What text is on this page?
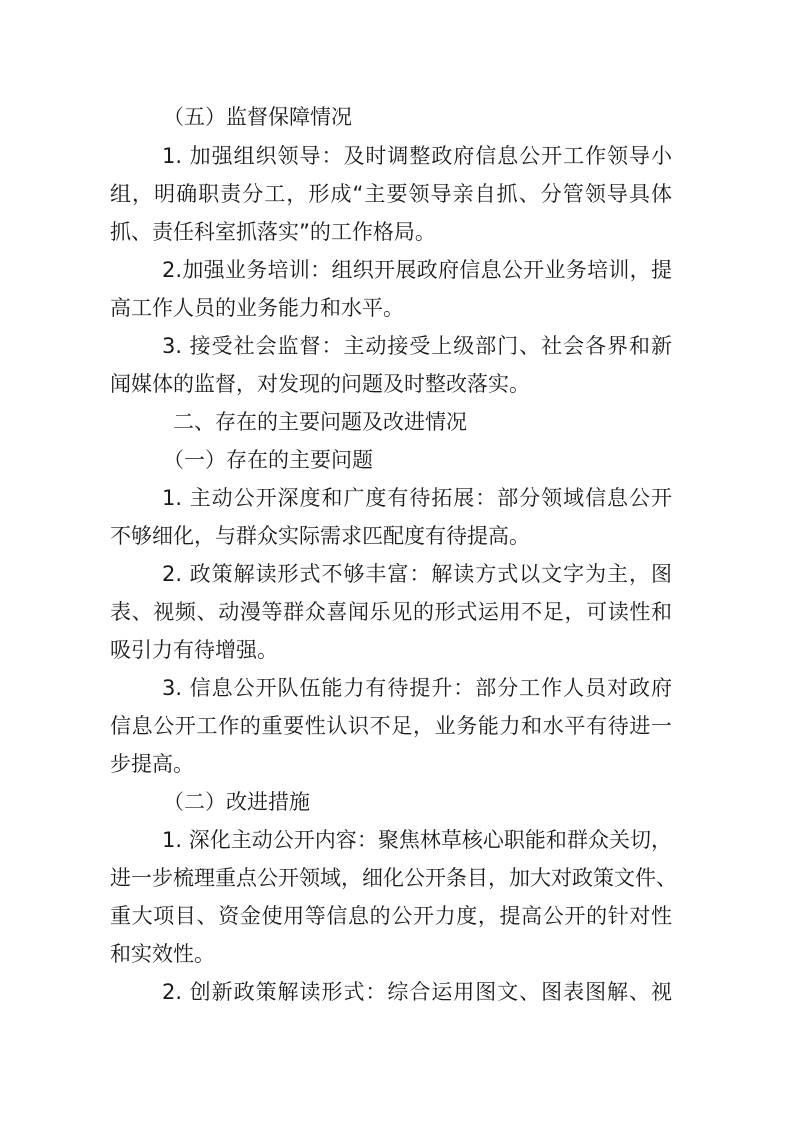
（五）监督保障情况
1. 加强组织领导：及时调整政府信息公开工作领导小
组，明确职责分工，形成“主要领导亲自抓、分管领导具体
抓、责任科室抓落实”的工作格局。
2.加强业务培训：组织开展政府信息公开业务培训，提
高工作人员的业务能力和水平。
3. 接受社会监督：主动接受上级部门、社会各界和新
闻媒体的监督，对发现的问题及时整改落实。
二、存在的主要问题及改进情况
（一）存在的主要问题
1. 主动公开深度和广度有待拓展：部分领域信息公开
不够细化，与群众实际需求匹配度有待提高。
2. 政策解读形式不够丰富：解读方式以文字为主，图
表、视频、动漫等群众喜闻乐见的形式运用不足，可读性和
吸引力有待增强。
3. 信息公开队伍能力有待提升：部分工作人员对政府
信息公开工作的重要性认识不足，业务能力和水平有待进一
步提高。
（二）改进措施
1. 深化主动公开内容：聚焦林草核心职能和群众关切，
进一步梳理重点公开领域，细化公开条目，加大对政策文件、
重大项目、资金使用等信息的公开力度，提高公开的针对性
和实效性。
2. 创新政策解读形式：综合运用图文、图表图解、视
